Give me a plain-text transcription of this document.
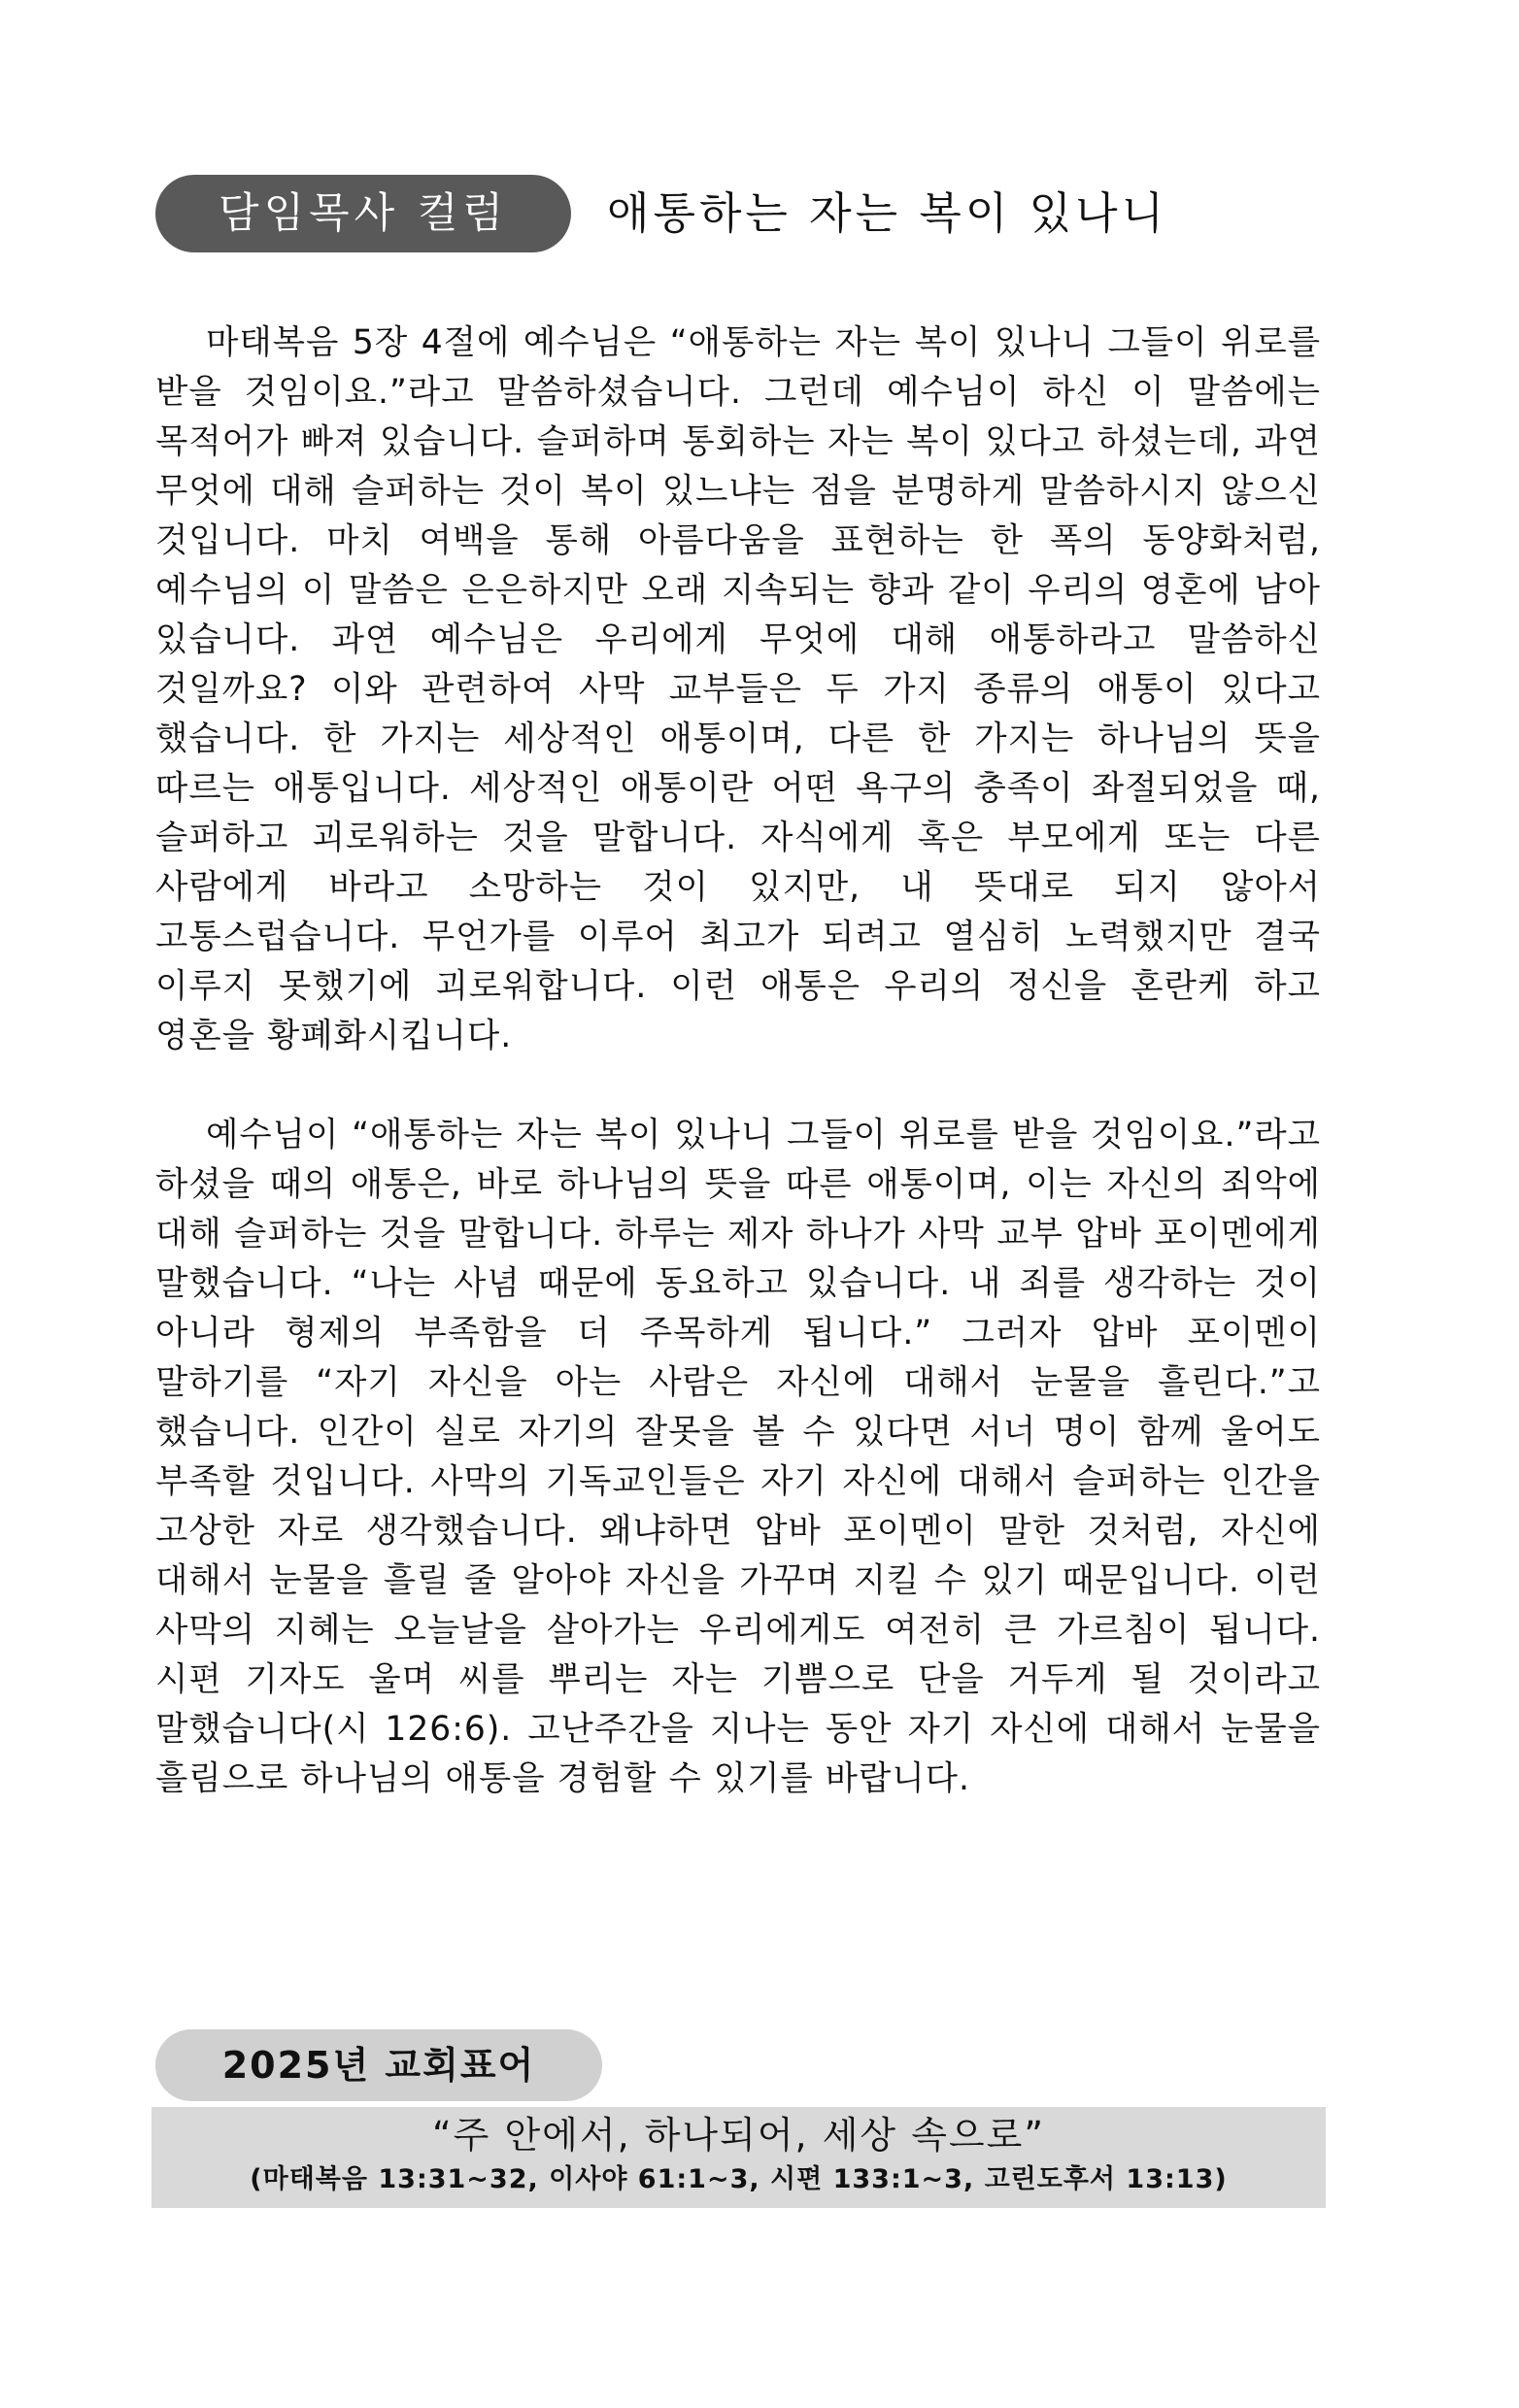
담임목사 컬럼	애통하는 자는 복이 있나니

마태복음 5장 4절에 예수님은 “애통하는 자는 복이 있나니 그들이 위로를 받을 것임이요.”라고 말씀하셨습니다. 그런데 예수님이 하신 이 말씀에는 목적어가 빠져 있습니다. 슬퍼하며 통회하는 자는 복이 있다고 하셨는데, 과연 무엇에 대해 슬퍼하는 것이 복이 있느냐는 점을 분명하게 말씀하시지 않으신 것입니다. 마치 여백을 통해 아름다움을 표현하는 한 폭의 동양화처럼, 예수님의 이 말씀은 은은하지만 오래 지속되는 향과 같이 우리의 영혼에 남아 있습니다. 과연 예수님은 우리에게 무엇에 대해 애통하라고 말씀하신 것일까요? 이와 관련하여 사막 교부들은 두 가지 종류의 애통이 있다고 했습니다. 한 가지는 세상적인 애통이며, 다른 한 가지는 하나님의 뜻을 따르는 애통입니다. 세상적인 애통이란 어떤 욕구의 충족이 좌절되었을 때, 슬퍼하고 괴로워하는 것을 말합니다. 자식에게 혹은 부모에게 또는 다른 사람에게 바라고 소망하는 것이 있지만, 내 뜻대로 되지 않아서 고통스럽습니다. 무언가를 이루어 최고가 되려고 열심히 노력했지만 결국 이루지 못했기에 괴로워합니다. 이런 애통은 우리의 정신을 혼란케 하고 영혼을 황폐화시킵니다.

예수님이 “애통하는 자는 복이 있나니 그들이 위로를 받을 것임이요.”라고 하셨을 때의 애통은, 바로 하나님의 뜻을 따른 애통이며, 이는 자신의 죄악에 대해 슬퍼하는 것을 말합니다. 하루는 제자 하나가 사막 교부 압바 포이멘에게 말했습니다. “나는 사념 때문에 동요하고 있습니다. 내 죄를 생각하는 것이 아니라 형제의 부족함을 더 주목하게 됩니다.” 그러자 압바 포이멘이 말하기를 “자기 자신을 아는 사람은 자신에 대해서 눈물을 흘린다.”고 했습니다. 인간이 실로 자기의 잘못을 볼 수 있다면 서너 명이 함께 울어도 부족할 것입니다. 사막의 기독교인들은 자기 자신에 대해서 슬퍼하는 인간을 고상한 자로 생각했습니다. 왜냐하면 압바 포이멘이 말한 것처럼, 자신에 대해서 눈물을 흘릴 줄 알아야 자신을 가꾸며 지킬 수 있기 때문입니다. 이런 사막의 지혜는 오늘날을 살아가는 우리에게도 여전히 큰 가르침이 됩니다. 시편 기자도 울며 씨를 뿌리는 자는 기쁨으로 단을 거두게 될 것이라고 말했습니다(시 126:6). 고난주간을 지나는 동안 자기 자신에 대해서 눈물을 흘림으로 하나님의 애통을 경험할 수 있기를 바랍니다.

2025년 교회표어
“주 안에서, 하나되어, 세상 속으로”
(마태복음 13:31~32, 이사야 61:1~3, 시편 133:1~3, 고린도후서 13:13)
